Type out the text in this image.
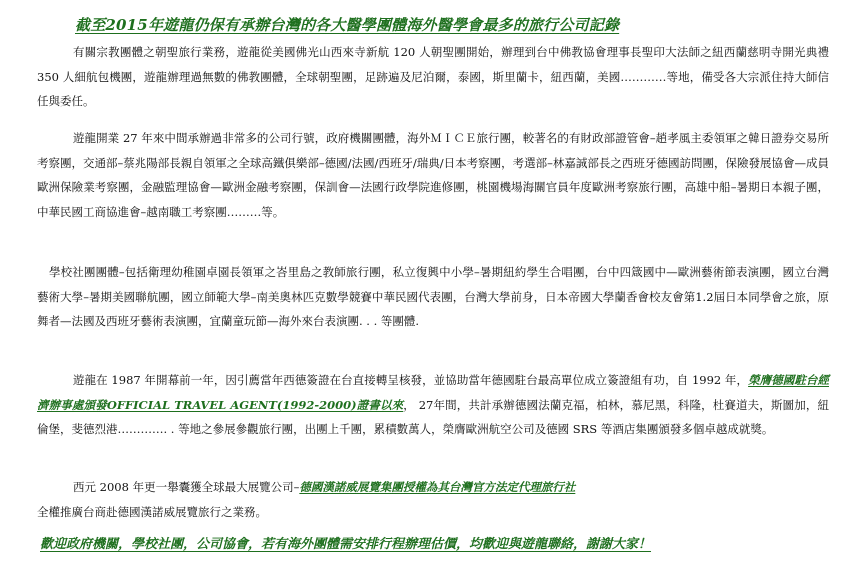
截至2015年遊龍仍保有承辦台灣的各大醫學團體海外醫學會最多的旅行公司記錄

有關宗教團體之朝聖旅行業務，遊龍從美國佛光山西來寺新航 120 人朝聖團開始，辦理到台中佛教協會理事長聖印大法師之紐西蘭慈明寺開光典禮 350 人細航包機團，遊龍辦理過無數的佛教團體，全球朝聖團，足跡遍及尼泊爾，泰國，斯里蘭卡，紐西蘭，美國…………等地，備受各大宗派住持大師信任與委任。

遊龍開業 27 年來中間承辦過非常多的公司行號，政府機關團體，海外ＭＩＣＥ旅行團，較著名的有財政部證管會–趙孝風主委領軍之韓日證券交易所考察團，交通部–蔡兆陽部長親自領軍之全球高鐵俱樂部–德國/法國/西班牙/瑞典/日本考察團，考選部–林嘉誠部長之西班牙德國訪問團，保險發展協會—成員歐洲保險業考察團，金融監理協會—歐洲金融考察團，保訓會—法國行政學院進修團，桃園機場海關官員年度歐洲考察旅行團，高雄中船–暑期日本親子團，中華民國工商協進會–越南職工考察團………等。

學校社團團體–包括衛理幼稚園卓園長領軍之峇里島之教師旅行團，私立復興中小學–暑期紐約學生合唱團，台中四箴國中—歐洲藝術節表演團，國立台灣藝術大學–暑期美國聯航團，國立師範大學–南美奧林匹克數學競賽中華民國代表團，台灣大學前身，日本帝國大學蘭香會校友會第1.2屆日本同學會之旅，原舞者—法國及西班牙藝術表演團，宜蘭童玩節—海外來台表演團. . . 等團體.

遊龍在 1987 年開幕前一年，因引薦當年西德簽證在台直接轉呈核發，並協助當年德國駐台最高單位成立簽證組有功，自 1992 年，榮膺德國駐台經濟辦事處頒發OFFICIAL TRAVEL AGENT(1992-2000)證書以來， 27年間，共計承辦德國法蘭克福，柏林，慕尼黑，科隆，杜賽道夫，斯圖加，紐倫堡，斐德烈港…………. . 等地之參展參觀旅行團，出團上千團，累積數萬人，榮膺歐洲航空公司及德國 SRS 等酒店集團頒發多個卓越成就獎。

西元 2008 年更一舉囊獲全球最大展覽公司–德國漢諾威展覽集團授權為其台灣官方法定代理旅行社
全權推廣台商赴德國漢諾威展覽旅行之業務。

歡迎政府機關，學校社團，公司協會，若有海外團體需安排行程辦理估價，均歡迎與遊龍聯絡，謝謝大家！
